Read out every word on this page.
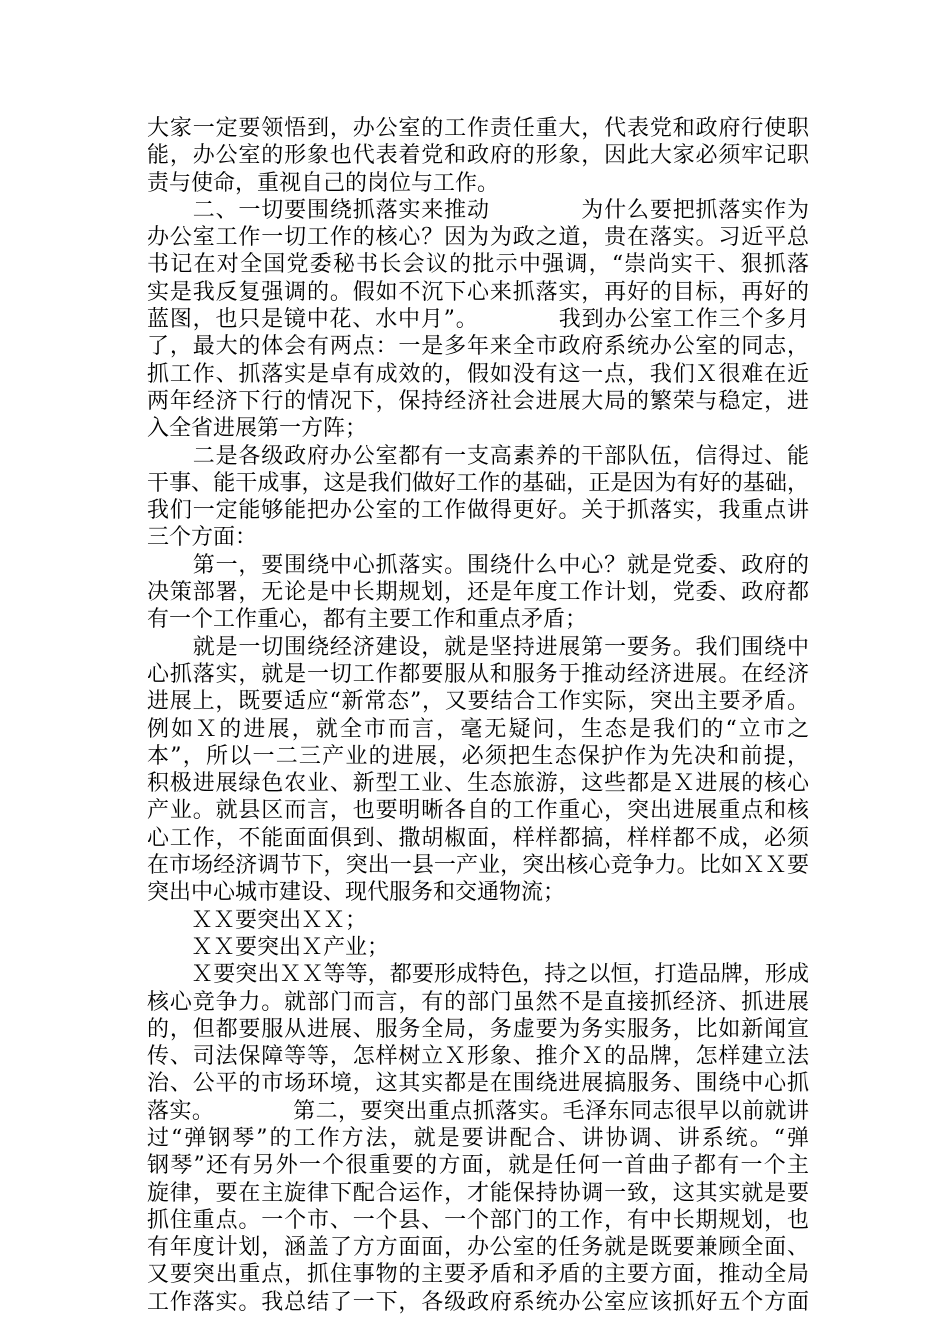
大家一定要领悟到，办公室的工作责任重大，代表党和政府行使职
能，办公室的形象也代表着党和政府的形象，因此大家必须牢记职
责与使命，重视自己的岗位与工作。
　　二、一切要围绕抓落实来推动　　　　为什么要把抓落实作为
办公室工作一切工作的核心？因为为政之道，贵在落实。习近平总
书记在对全国党委秘书长会议的批示中强调，“崇尚实干、狠抓落
实是我反复强调的。假如不沉下心来抓落实，再好的目标，再好的
蓝图，也只是镜中花、水中月”。　　　　我到办公室工作三个多月
了，最大的体会有两点：一是多年来全市政府系统办公室的同志，
抓工作、抓落实是卓有成效的，假如没有这一点，我们Ｘ很难在近
两年经济下行的情况下，保持经济社会进展大局的繁荣与稳定，进
入全省进展第一方阵；
　　二是各级政府办公室都有一支高素养的干部队伍，信得过、能
干事、能干成事，这是我们做好工作的基础，正是因为有好的基础，
我们一定能够能把办公室的工作做得更好。关于抓落实，我重点讲
三个方面：
　　第一，要围绕中心抓落实。围绕什么中心？就是党委、政府的
决策部署，无论是中长期规划，还是年度工作计划，党委、政府都
有一个工作重心，都有主要工作和重点矛盾；
　　就是一切围绕经济建设，就是坚持进展第一要务。我们围绕中
心抓落实，就是一切工作都要服从和服务于推动经济进展。在经济
进展上，既要适应“新常态”，又要结合工作实际，突出主要矛盾。
例如Ｘ的进展，就全市而言，毫无疑问，生态是我们的“立市之
本”，所以一二三产业的进展，必须把生态保护作为先决和前提，
积极进展绿色农业、新型工业、生态旅游，这些都是Ｘ进展的核心
产业。就县区而言，也要明晰各自的工作重心，突出进展重点和核
心工作，不能面面俱到、撒胡椒面，样样都搞，样样都不成，必须
在市场经济调节下，突出一县一产业，突出核心竞争力。比如ＸＸ要
突出中心城市建设、现代服务和交通物流；
　　ＸＸ要突出ＸＸ；
　　ＸＸ要突出Ｘ产业；
　　Ｘ要突出ＸＸ等等，都要形成特色，持之以恒，打造品牌，形成
核心竞争力。就部门而言，有的部门虽然不是直接抓经济、抓进展
的，但都要服从进展、服务全局，务虚要为务实服务，比如新闻宣
传、司法保障等等，怎样树立Ｘ形象、推介Ｘ的品牌，怎样建立法
治、公平的市场环境，这其实都是在围绕进展搞服务、围绕中心抓
落实。　　　　第二，要突出重点抓落实。毛泽东同志很早以前就讲
过“弹钢琴”的工作方法，就是要讲配合、讲协调、讲系统。“弹
钢琴”还有另外一个很重要的方面，就是任何一首曲子都有一个主
旋律，要在主旋律下配合运作，才能保持协调一致，这其实就是要
抓住重点。一个市、一个县、一个部门的工作，有中长期规划，也
有年度计划，涵盖了方方面面，办公室的任务就是既要兼顾全面、
又要突出重点，抓住事物的主要矛盾和矛盾的主要方面，推动全局
工作落实。我总结了一下，各级政府系统办公室应该抓好五个方面
